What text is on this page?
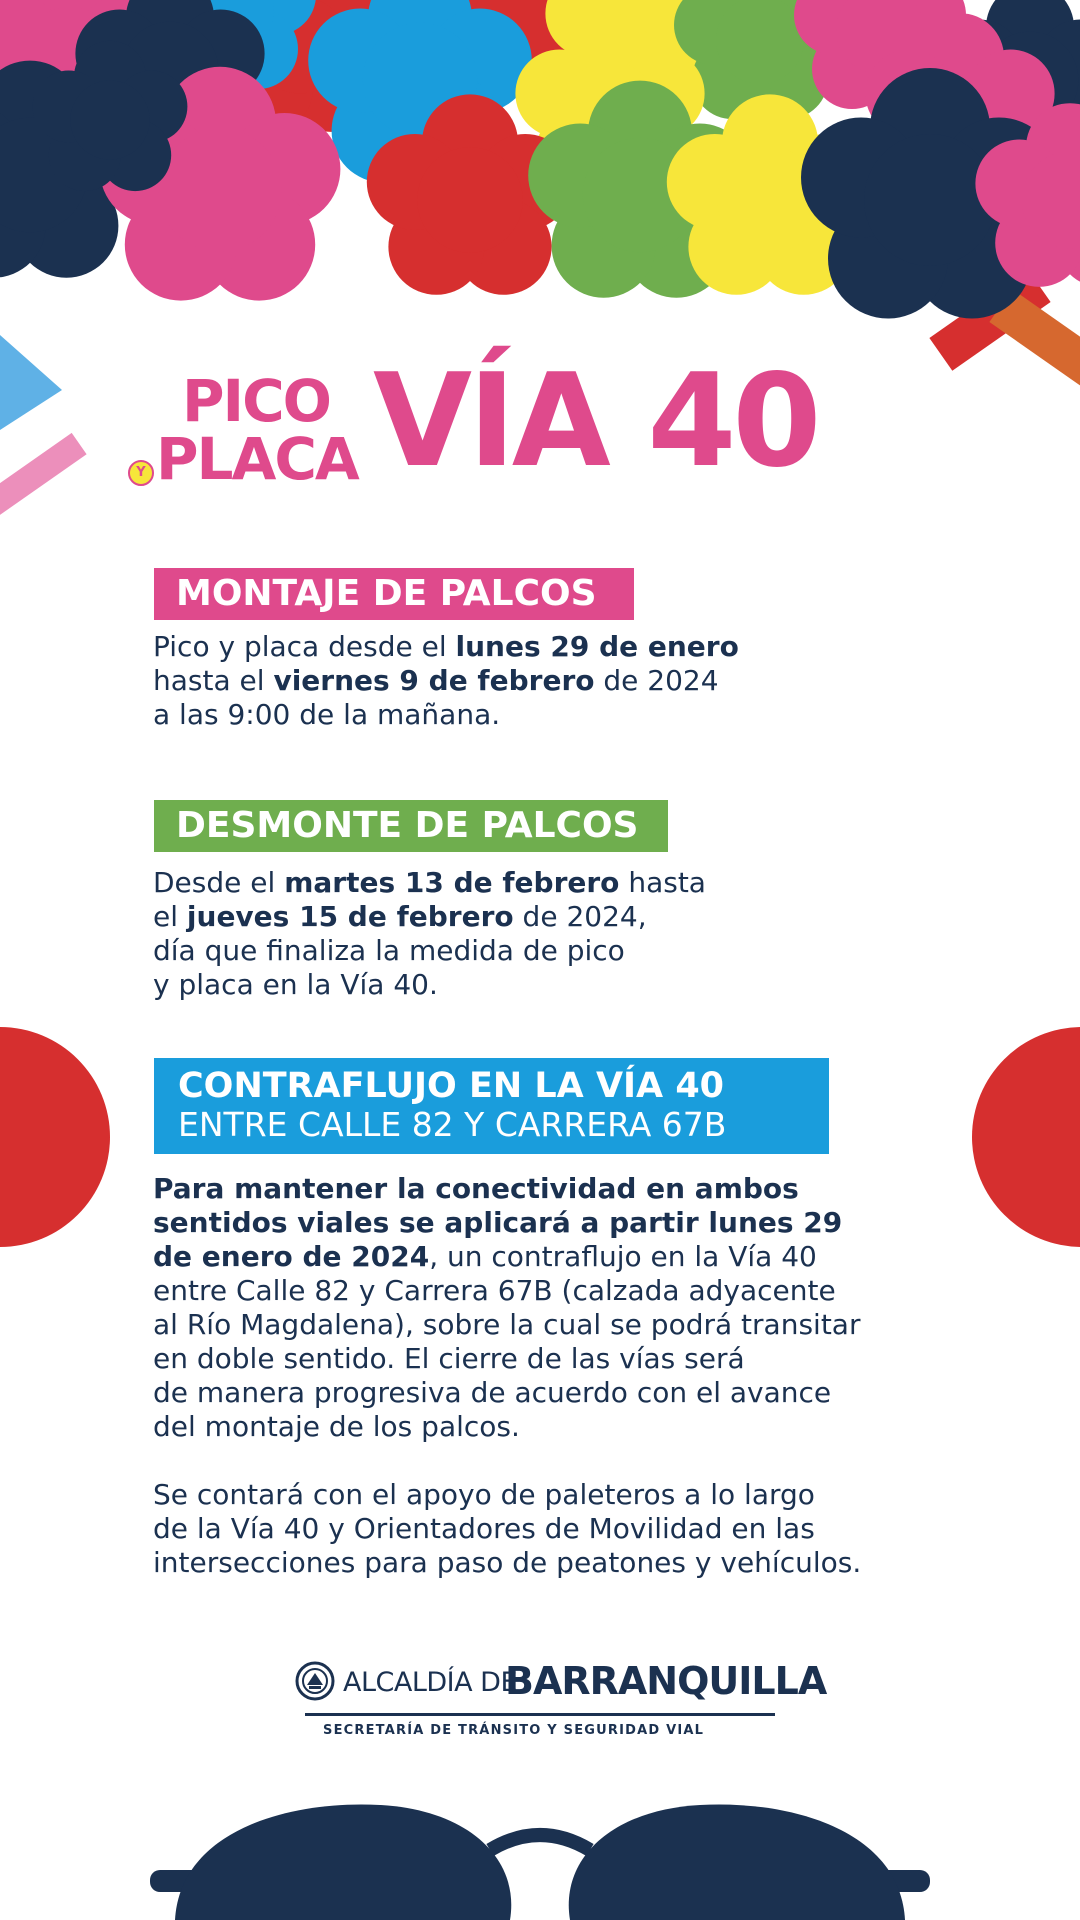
PICO
Y PLACA VÍA 40
MONTAJE DE PALCOS

Pico y placa desde el lunes 29 de enero

hasta el viernes 9 de febrero de 2024

a las 9:00 de la mañana.

DESMONTE DE PALCOS

Desde el martes 13 de febrero hasta

el jueves 15 de febrero de 2024,

día que finaliza la medida de pico

y placa en la Vía 40.

CONTRAFLUJO EN LA VÍA 40
ENTRE CALLE 82 Y CARRERA 67B

Para mantener la conectividad en ambos

sentidos viales se aplicará a partir lunes 29

de enero de 2024, un contraflujo en la Vía 40

entre Calle 82 y Carrera 67B (calzada adyacente

al Río Magdalena), sobre la cual se podrá transitar

en doble sentido. El cierre de las vías será

de manera progresiva de acuerdo con el avance

del montaje de los palcos.

Se contará con el apoyo de paleteros a lo largo

de la Vía 40 y Orientadores de Movilidad en las

intersecciones para paso de peatones y vehículos.

ALCALDÍA DE
BARRANQUILLA
SECRETARÍA DE TRÁNSITO Y SEGURIDAD VIAL
